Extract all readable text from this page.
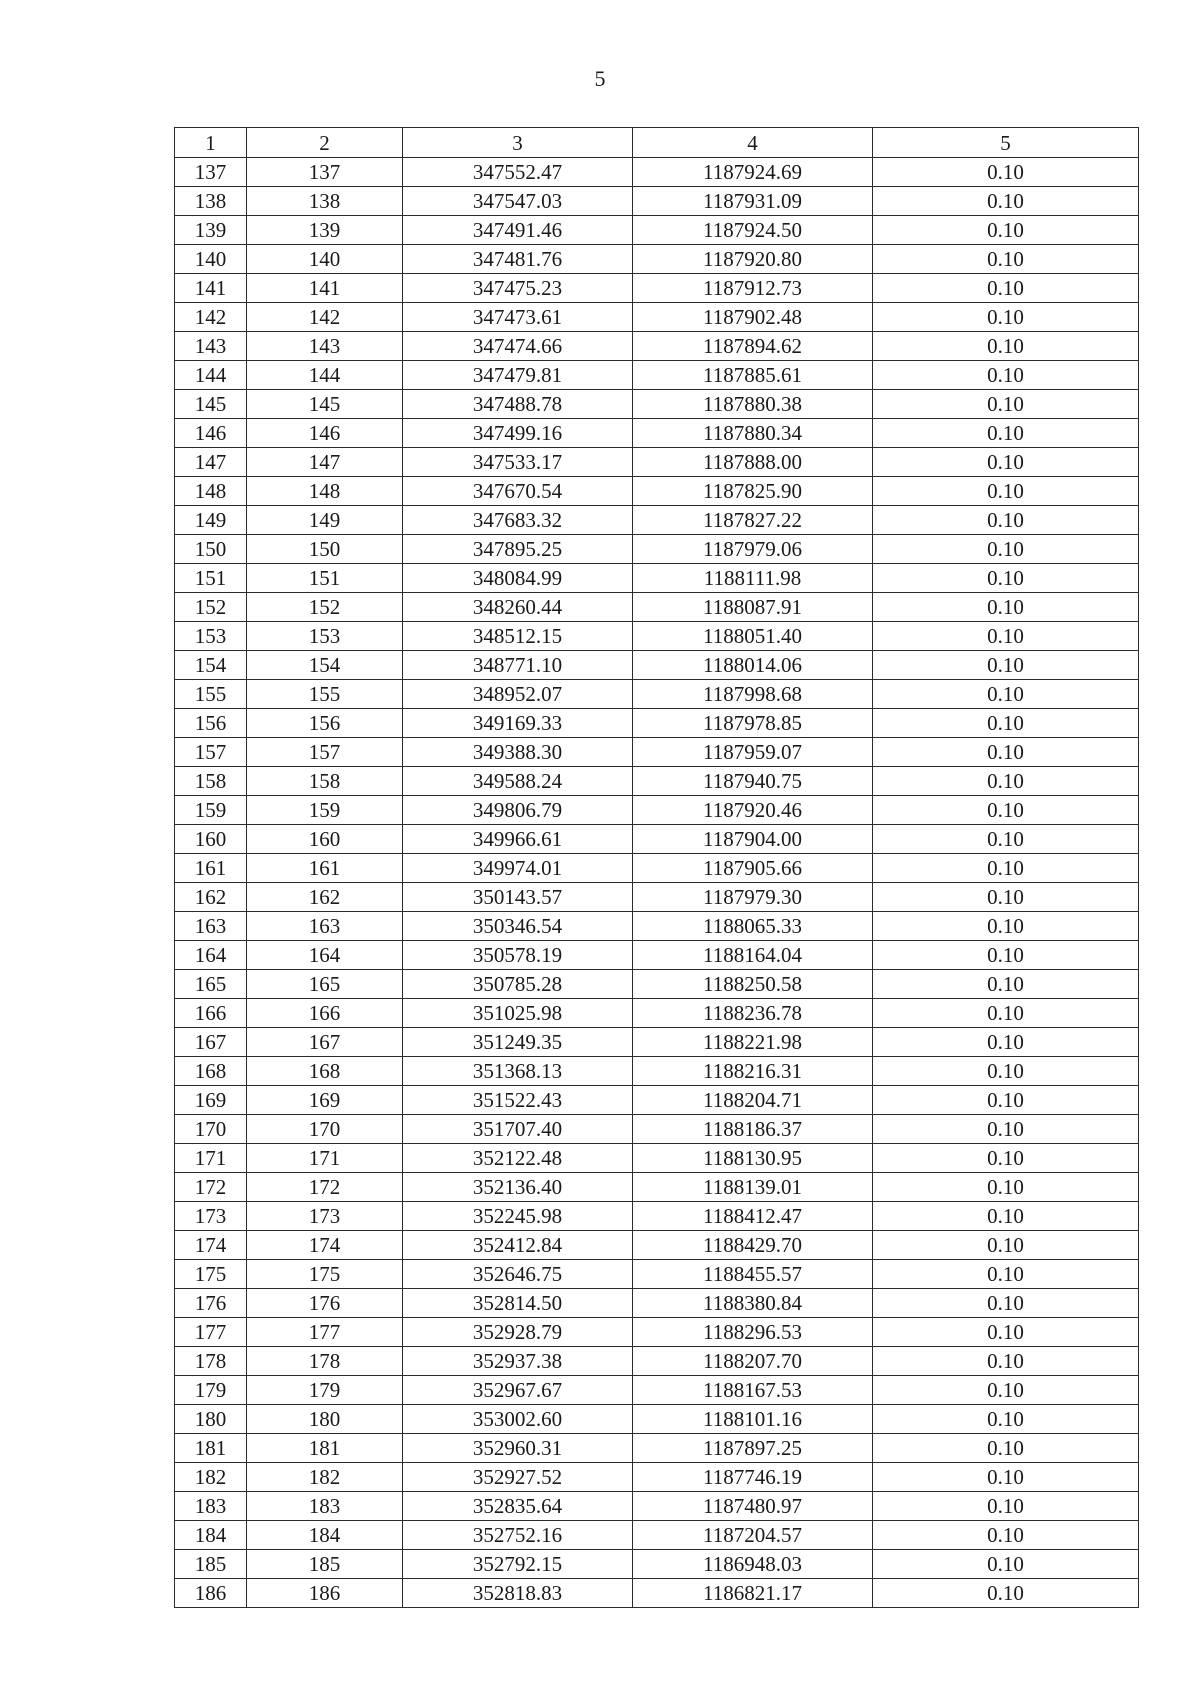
5
1	2	3	4	5
137	137	347552.47	1187924.69	0.10
138	138	347547.03	1187931.09	0.10
139	139	347491.46	1187924.50	0.10
140	140	347481.76	1187920.80	0.10
141	141	347475.23	1187912.73	0.10
142	142	347473.61	1187902.48	0.10
143	143	347474.66	1187894.62	0.10
144	144	347479.81	1187885.61	0.10
145	145	347488.78	1187880.38	0.10
146	146	347499.16	1187880.34	0.10
147	147	347533.17	1187888.00	0.10
148	148	347670.54	1187825.90	0.10
149	149	347683.32	1187827.22	0.10
150	150	347895.25	1187979.06	0.10
151	151	348084.99	1188111.98	0.10
152	152	348260.44	1188087.91	0.10
153	153	348512.15	1188051.40	0.10
154	154	348771.10	1188014.06	0.10
155	155	348952.07	1187998.68	0.10
156	156	349169.33	1187978.85	0.10
157	157	349388.30	1187959.07	0.10
158	158	349588.24	1187940.75	0.10
159	159	349806.79	1187920.46	0.10
160	160	349966.61	1187904.00	0.10
161	161	349974.01	1187905.66	0.10
162	162	350143.57	1187979.30	0.10
163	163	350346.54	1188065.33	0.10
164	164	350578.19	1188164.04	0.10
165	165	350785.28	1188250.58	0.10
166	166	351025.98	1188236.78	0.10
167	167	351249.35	1188221.98	0.10
168	168	351368.13	1188216.31	0.10
169	169	351522.43	1188204.71	0.10
170	170	351707.40	1188186.37	0.10
171	171	352122.48	1188130.95	0.10
172	172	352136.40	1188139.01	0.10
173	173	352245.98	1188412.47	0.10
174	174	352412.84	1188429.70	0.10
175	175	352646.75	1188455.57	0.10
176	176	352814.50	1188380.84	0.10
177	177	352928.79	1188296.53	0.10
178	178	352937.38	1188207.70	0.10
179	179	352967.67	1188167.53	0.10
180	180	353002.60	1188101.16	0.10
181	181	352960.31	1187897.25	0.10
182	182	352927.52	1187746.19	0.10
183	183	352835.64	1187480.97	0.10
184	184	352752.16	1187204.57	0.10
185	185	352792.15	1186948.03	0.10
186	186	352818.83	1186821.17	0.10
